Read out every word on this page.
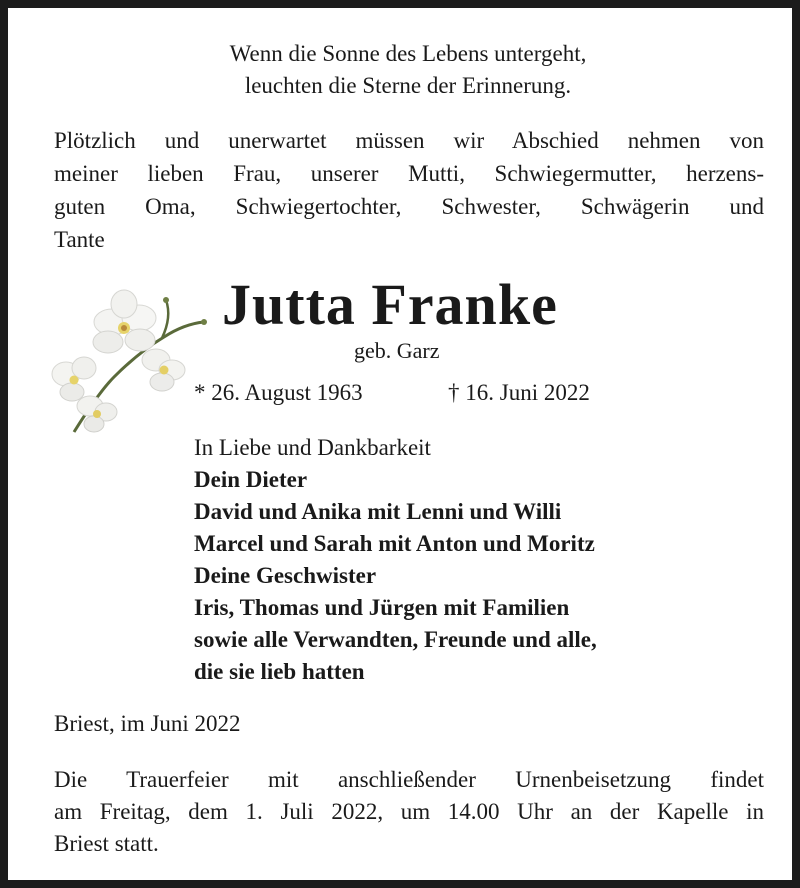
Wenn die Sonne des Lebens untergeht,
leuchten die Sterne der Erinnerung.
Plötzlich und unerwartet müssen wir Abschied nehmen von
meiner lieben Frau, unserer Mutti, Schwiegermutter, herzens-
guten Oma, Schwiegertochter, Schwester, Schwägerin und
Tante
Jutta Franke
geb. Garz
* 26. August 1963	† 16. Juni 2022
In Liebe und Dankbarkeit
Dein Dieter
David und Anika mit Lenni und Willi
Marcel und Sarah mit Anton und Moritz
Deine Geschwister
Iris, Thomas und Jürgen mit Familien
sowie alle Verwandten, Freunde und alle,
die sie lieb hatten
Briest, im Juni 2022
Die Trauerfeier mit anschließender Urnenbeisetzung findet
am Freitag, dem 1. Juli 2022, um 14.00 Uhr an der Kapelle in
Briest statt.
